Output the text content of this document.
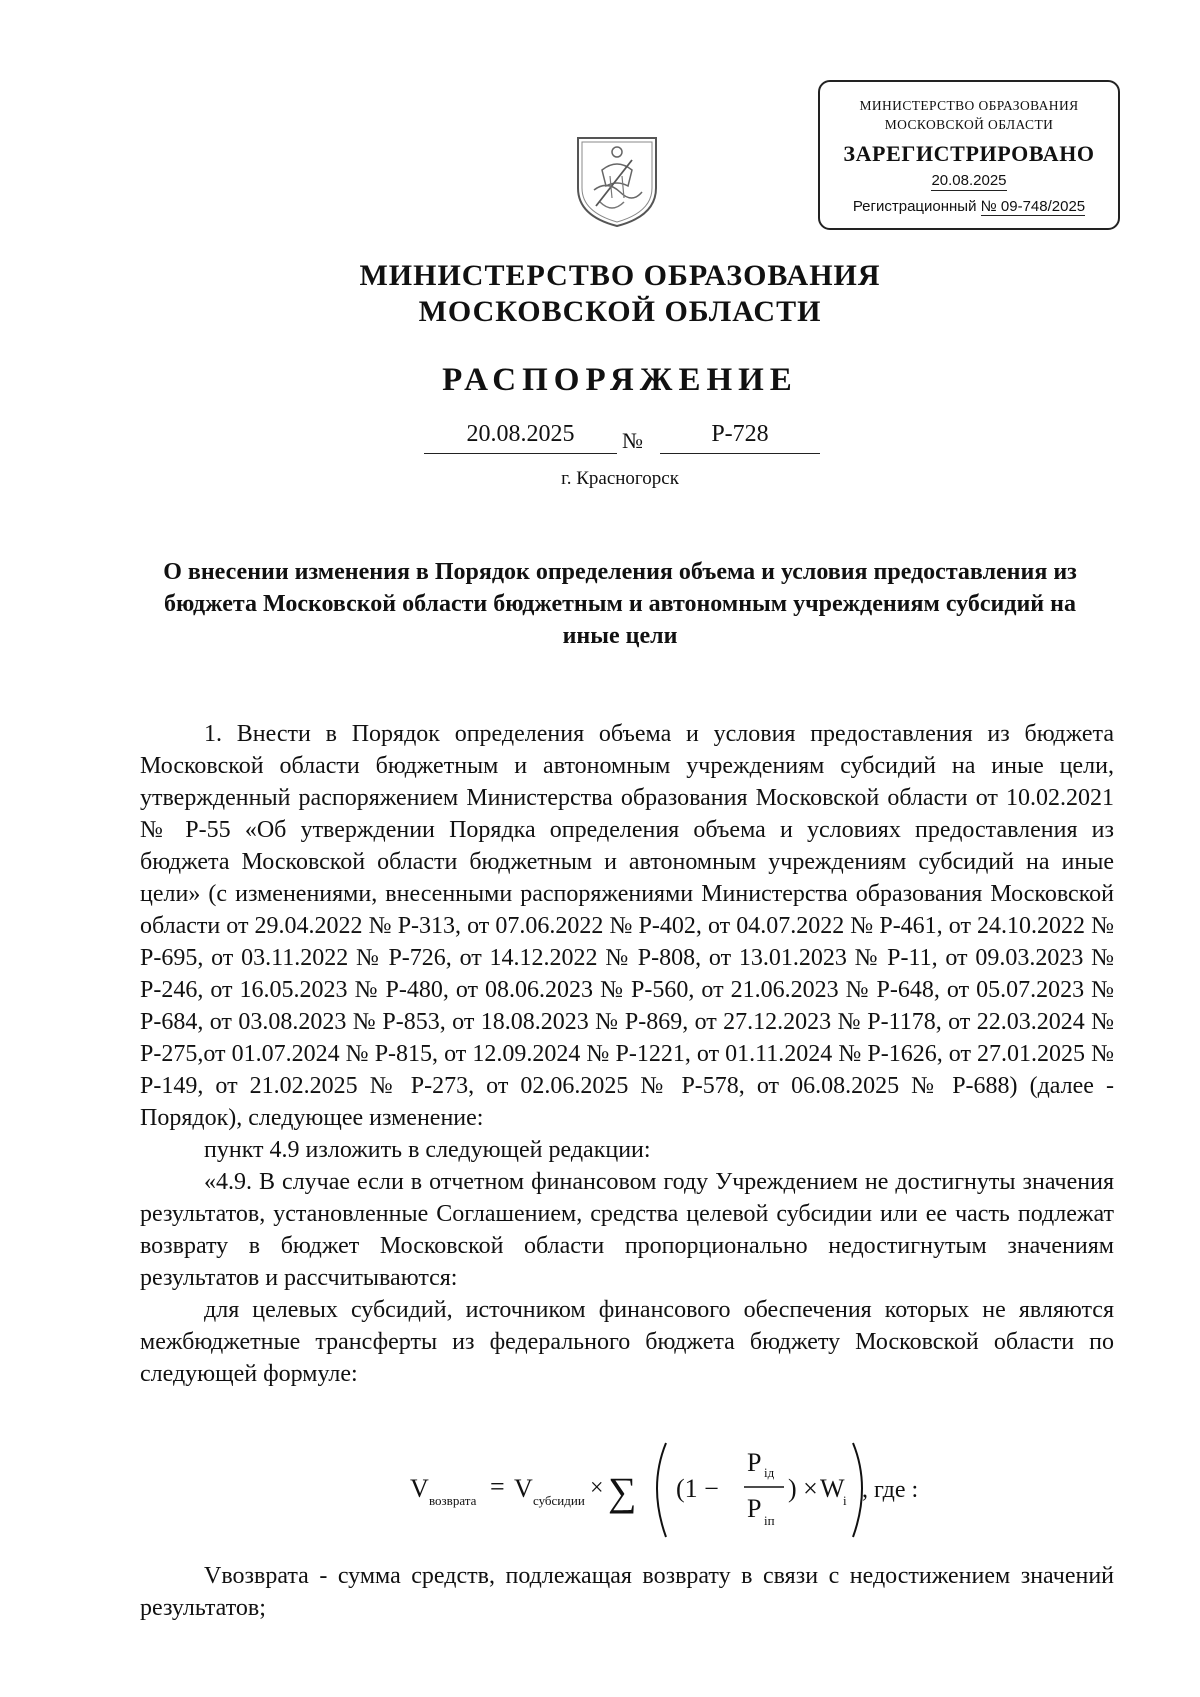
МИНИСТЕРСТВО ОБРАЗОВАНИЯ
МОСКОВСКОЙ ОБЛАСТИ
ЗАРЕГИСТРИРОВАНО
20.08.2025
Регистрационный № 09-748/2025
МИНИСТЕРСТВО ОБРАЗОВАНИЯ
МОСКОВСКОЙ ОБЛАСТИ
РАСПОРЯЖЕНИЕ
20.08.2025	№	Р-728
г. Красногорск
О внесении изменения в Порядок определения объема и условия предоставления из бюджета Московской области бюджетным и автономным учреждениям субсидий на иные цели

1. Внести в Порядок определения объема и условия предоставления из бюджета Московской области бюджетным и автономным учреждениям субсидий на иные цели, утвержденный распоряжением Министерства образования Московской области от 10.02.2021 № Р-55 «Об утверждении Порядка определения объема и условиях предоставления из бюджета Московской области бюджетным и автономным учреждениям субсидий на иные цели» (с изменениями, внесенными распоряжениями Министерства образования Московской области от 29.04.2022 № Р-313, от 07.06.2022 № Р-402, от 04.07.2022 № Р-461, от 24.10.2022 № Р-695, от 03.11.2022 № Р-726, от 14.12.2022 № Р-808, от 13.01.2023 № Р-11, от 09.03.2023 № Р-246, от 16.05.2023 № Р-480, от 08.06.2023 № Р-560, от 21.06.2023 № Р-648, от 05.07.2023 № Р-684, от 03.08.2023 № Р-853, от 18.08.2023 № Р-869, от 27.12.2023 № Р-1178, от 22.03.2024 № Р-275,от 01.07.2024 № Р-815, от 12.09.2024 № Р-1221, от 01.11.2024 № Р-1626, от 27.01.2025 № Р-149, от 21.02.2025 № Р-273, от 02.06.2025 № Р-578, от 06.08.2025 № Р-688) (далее - Порядок), следующее изменение:

пункт 4.9 изложить в следующей редакции:

«4.9. В случае если в отчетном финансовом году Учреждением не достигнуты значения результатов, установленные Соглашением, средства целевой субсидии или ее часть подлежат возврату в бюджет Московской области пропорционально недостигнутым значениям результатов и рассчитываются:

для целевых субсидий, источником финансового обеспечения которых не являются межбюджетные трансферты из федерального бюджета бюджету Московской области по следующей формуле:

V возврата = V субсидии × ∑ (1 −
P iд
P iп
) × W
i , где :

Vвозврата - сумма средств, подлежащая возврату в связи с недостижением значений результатов;
